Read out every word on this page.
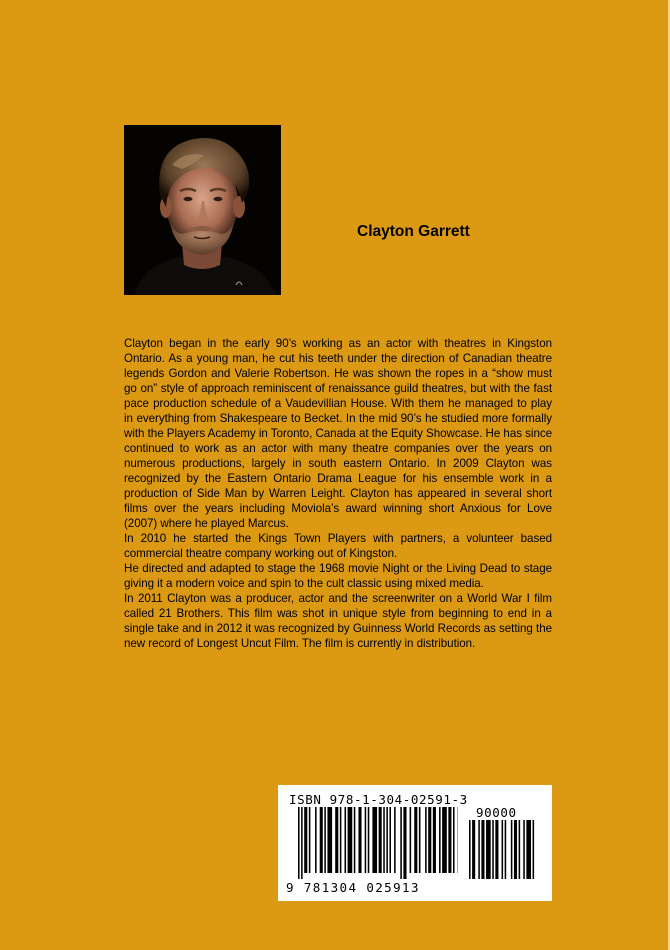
Clayton Garrett

Clayton began in the early 90’s working as an actor with theatres in Kingston Ontario. As a young man, he cut his teeth under the direction of Canadian theatre legends Gordon and Valerie Robertson. He was shown the ropes in a “show must go on” style of approach reminiscent of renaissance guild theatres, but with the fast pace production schedule of a Vaudevillian House. With them he managed to play in everything from Shakespeare to Becket. In the mid 90’s he studied more formally with the Players Academy in Toronto, Canada at the Equity Showcase. He has since continued to work as an actor with many theatre companies over the years on numerous productions, largely in south eastern Ontario. In 2009 Clayton was recognized by the Eastern Ontario Drama League for his ensemble work in a production of Side Man by Warren Leight. Clayton has appeared in several short films over the years including Moviola’s award winning short Anxious for Love (2007) where he played Marcus.

In 2010 he started the Kings Town Players with partners, a volunteer based commercial theatre company working out of Kingston.

He directed and adapted to stage the 1968 movie Night or the Living Dead to stage giving it a modern voice and spin to the cult classic using mixed media.

In 2011 Clayton was a producer, actor and the screenwriter on a World War I film called 21 Brothers. This film was shot in unique style from beginning to end in a single take and in 2012 it was recognized by Guinness World Records as setting the new record of Longest Uncut Film. The film is currently in distribution.

ISBN 978-1-304-02591-3
90000
9 781304 025913
